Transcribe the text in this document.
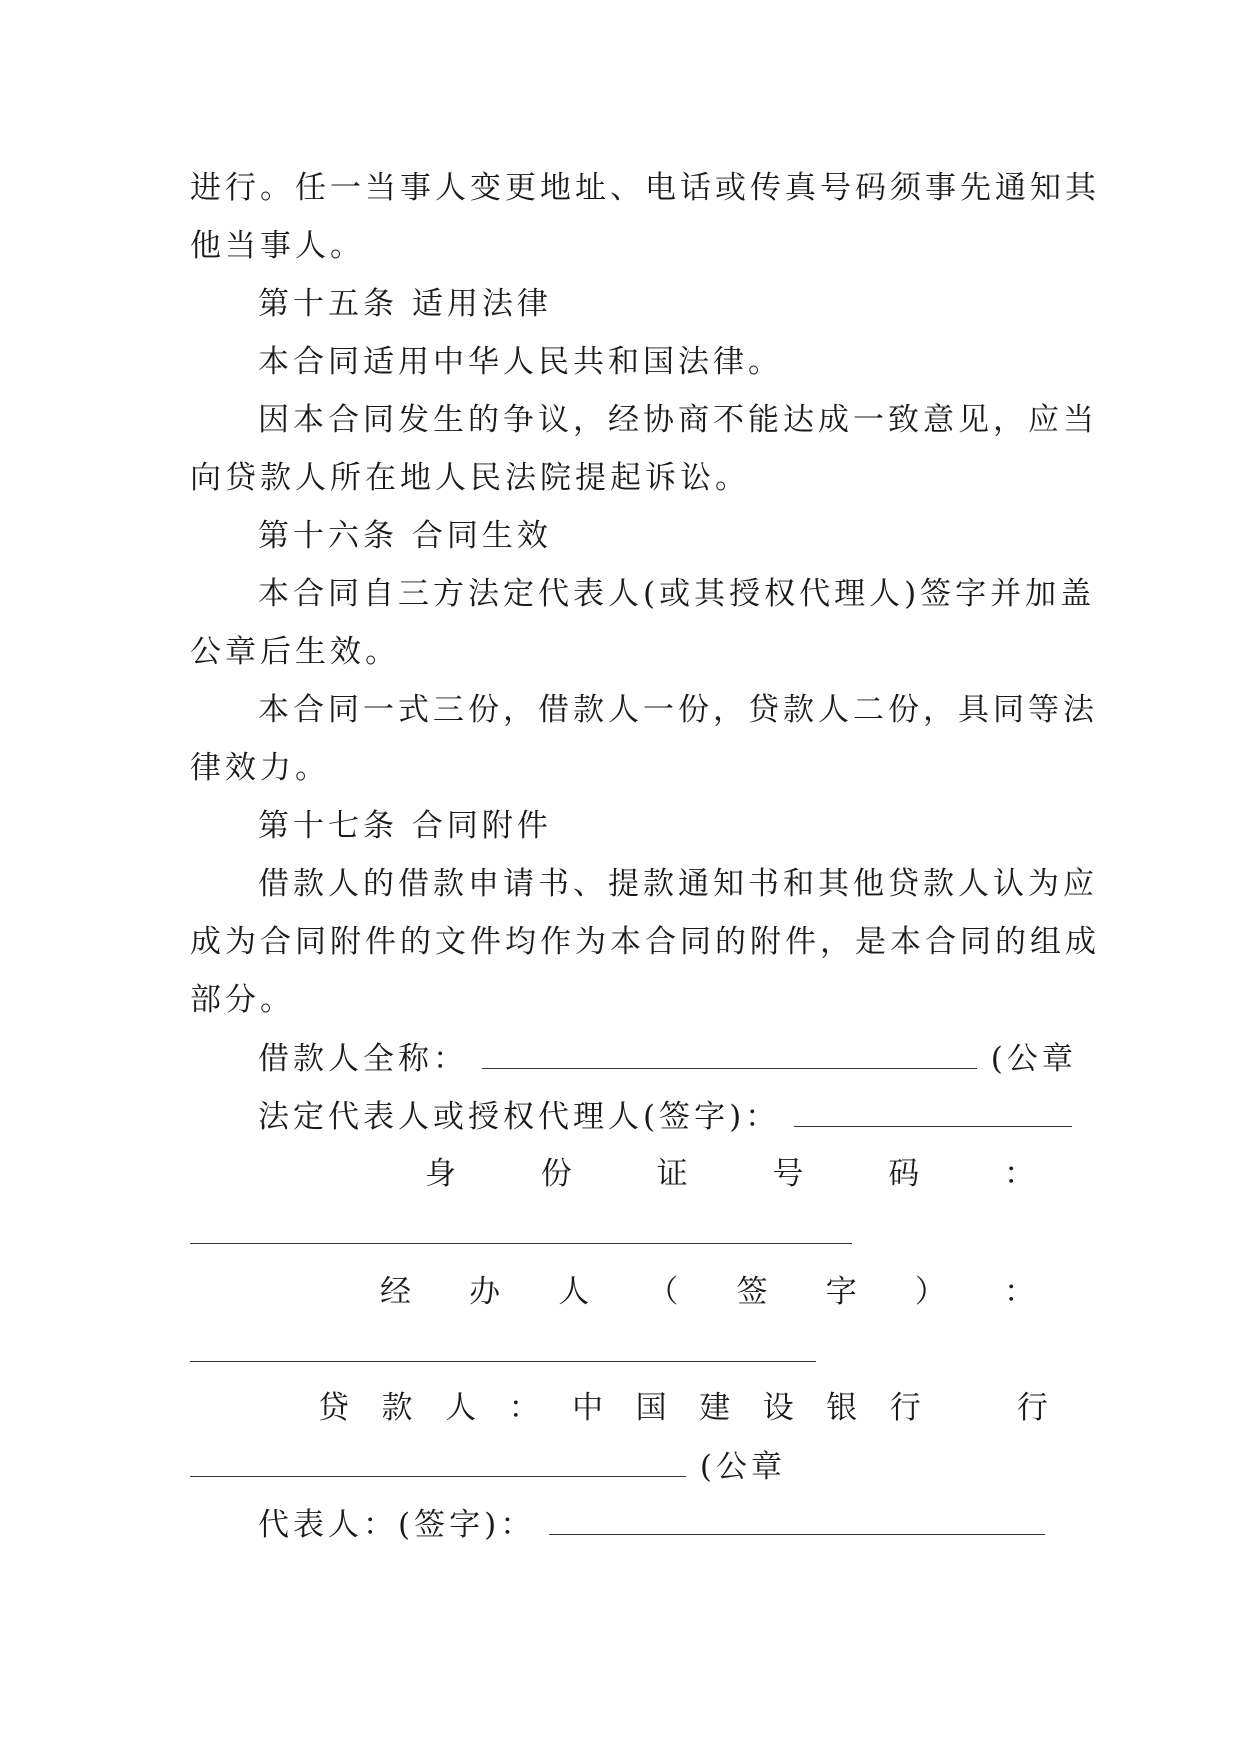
进行。任一当事人变更地址、电话或传真号码须事先通知其
他当事人。
第十五条 适用法律
本合同适用中华人民共和国法律。
因本合同发生的争议，经协商不能达成一致意见，应当
向贷款人所在地人民法院提起诉讼。
第十六条 合同生效
本合同自三方法定代表人(或其授权代理人)签字并加盖
公章后生效。
本合同一式三份，借款人一份，贷款人二份，具同等法
律效力。
第十七条 合同附件
借款人的借款申请书、提款通知书和其他贷款人认为应
成为合同附件的文件均作为本合同的附件，是本合同的组成
部分。
借款人全称：	(公章
法定代表人或授权代理人(签字)：
身	份	证	号	码	：
经 办 人 （ 签 字 ） ：
贷 款 人 ： 中 国 建 设 银 行	行
(公章
代表人：(签字)：
